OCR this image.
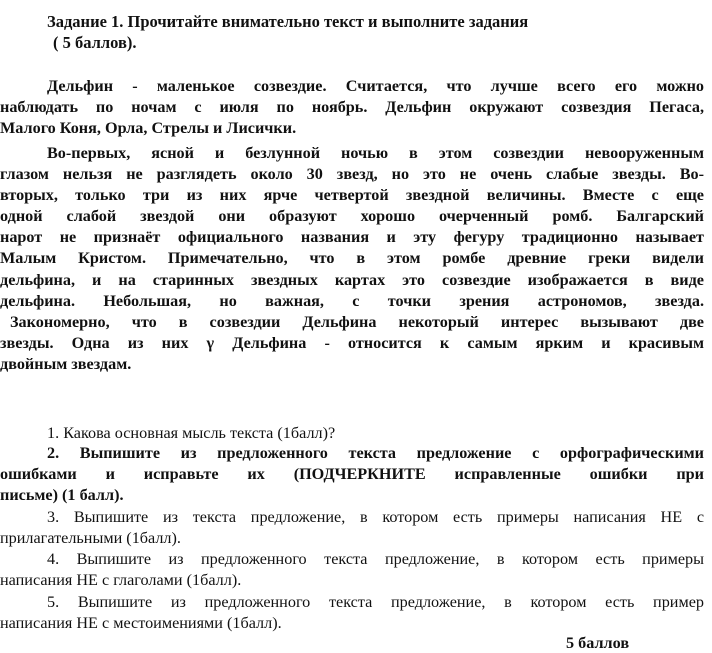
Задание 1. Прочитайте внимательно текст и выполните задания
( 5 баллов).
Дельфин - маленькое созвездие. Считается, что лучше всего его можно
наблюдать по ночам с июля по ноябрь. Дельфин окружают созвездия Пегаса,
Малого Коня, Орла, Стрелы и Лисички.
Во-первых, ясной и безлунной ночью в этом созвездии невооруженным
глазом нельзя не разглядеть около 30 звезд, но это не очень слабые звезды. Во-
вторых, только три из них ярче четвертой звездной величины. Вместе с еще
одной слабой звездой они образуют хорошо очерченный ромб. Балгарский
нарот не признаёт официального названия и эту фегуру традиционно называет
Малым Кристом. Примечательно, что в этом ромбе древние греки видели
дельфина, и на старинных звездных картах это созвездие изображается в виде
дельфина. Небольшая, но важная, с точки зрения астрономов, звезда.
Закономерно, что в созвездии Дельфина некоторый интерес вызывают две
звезды. Одна из них γ Дельфина - относится к самым ярким и красивым
двойным звездам.
1. Какова основная мысль текста (1балл)?
2. Выпишите из предложенного текста предложение с орфографическими
ошибками и исправьте их (ПОДЧЕРКНИТЕ исправленные ошибки при
письме) (1 балл).
3. Выпишите из текста предложение, в котором есть примеры написания НЕ с
прилагательными (1балл).
4. Выпишите из предложенного текста предложение, в котором есть примеры
написания НЕ с глаголами (1балл).
5. Выпишите из предложенного текста предложение, в котором есть пример
написания НЕ с местоимениями (1балл).
5 баллов
